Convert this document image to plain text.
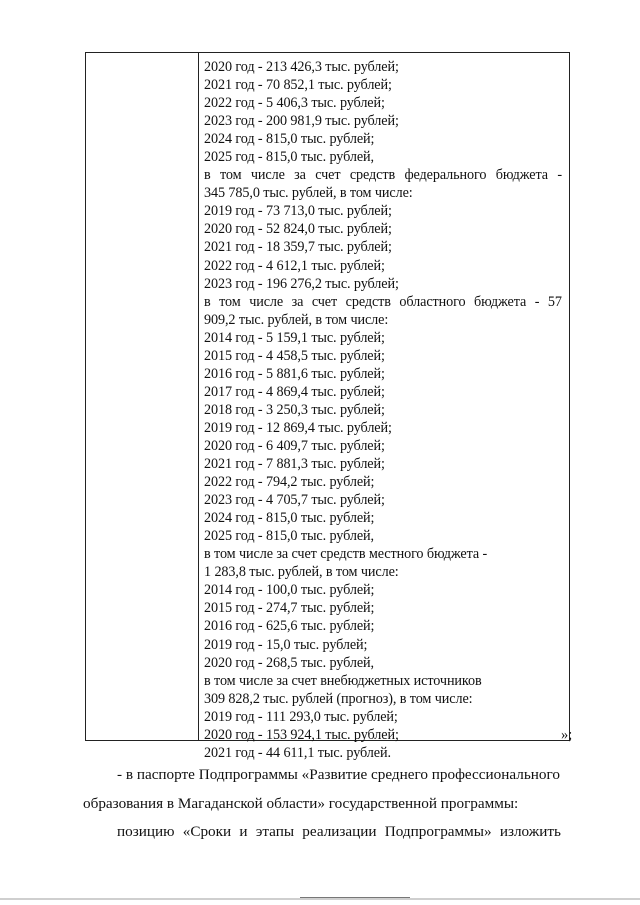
2020 год - 213 426,3 тыс. рублей;
2021 год - 70 852,1 тыс. рублей;
2022 год - 5 406,3 тыс. рублей;
2023 год - 200 981,9 тыс. рублей;
2024 год - 815,0 тыс. рублей;
2025 год - 815,0 тыс. рублей,
в том числе за счет средств федерального бюджета -
345 785,0 тыс. рублей, в том числе:
2019 год - 73 713,0 тыс. рублей;
2020 год - 52 824,0 тыс. рублей;
2021 год - 18 359,7 тыс. рублей;
2022 год - 4 612,1 тыс. рублей;
2023 год - 196 276,2 тыс. рублей;
в том числе за счет средств областного бюджета - 57
909,2 тыс. рублей, в том числе:
2014 год - 5 159,1 тыс. рублей;
2015 год - 4 458,5 тыс. рублей;
2016 год - 5 881,6 тыс. рублей;
2017 год - 4 869,4 тыс. рублей;
2018 год - 3 250,3 тыс. рублей;
2019 год - 12 869,4 тыс. рублей;
2020 год - 6 409,7 тыс. рублей;
2021 год - 7 881,3 тыс. рублей;
2022 год - 794,2 тыс. рублей;
2023 год - 4 705,7 тыс. рублей;
2024 год - 815,0 тыс. рублей;
2025 год - 815,0 тыс. рублей,
в том числе за счет средств местного бюджета -
1 283,8 тыс. рублей, в том числе:
2014 год - 100,0 тыс. рублей;
2015 год - 274,7 тыс. рублей;
2016 год - 625,6 тыс. рублей;
2019 год - 15,0 тыс. рублей;
2020 год - 268,5 тыс. рублей,
в том числе за счет внебюджетных источников
309 828,2 тыс. рублей (прогноз), в том числе:
2019 год - 111 293,0 тыс. рублей;
2020 год - 153 924,1 тыс. рублей;
2021 год - 44 611,1 тыс. рублей.
»;
- в паспорте Подпрограммы «Развитие среднего профессионального
образования в Магаданской области» государственной программы:
позицию «Сроки и этапы реализации Подпрограммы» изложить
